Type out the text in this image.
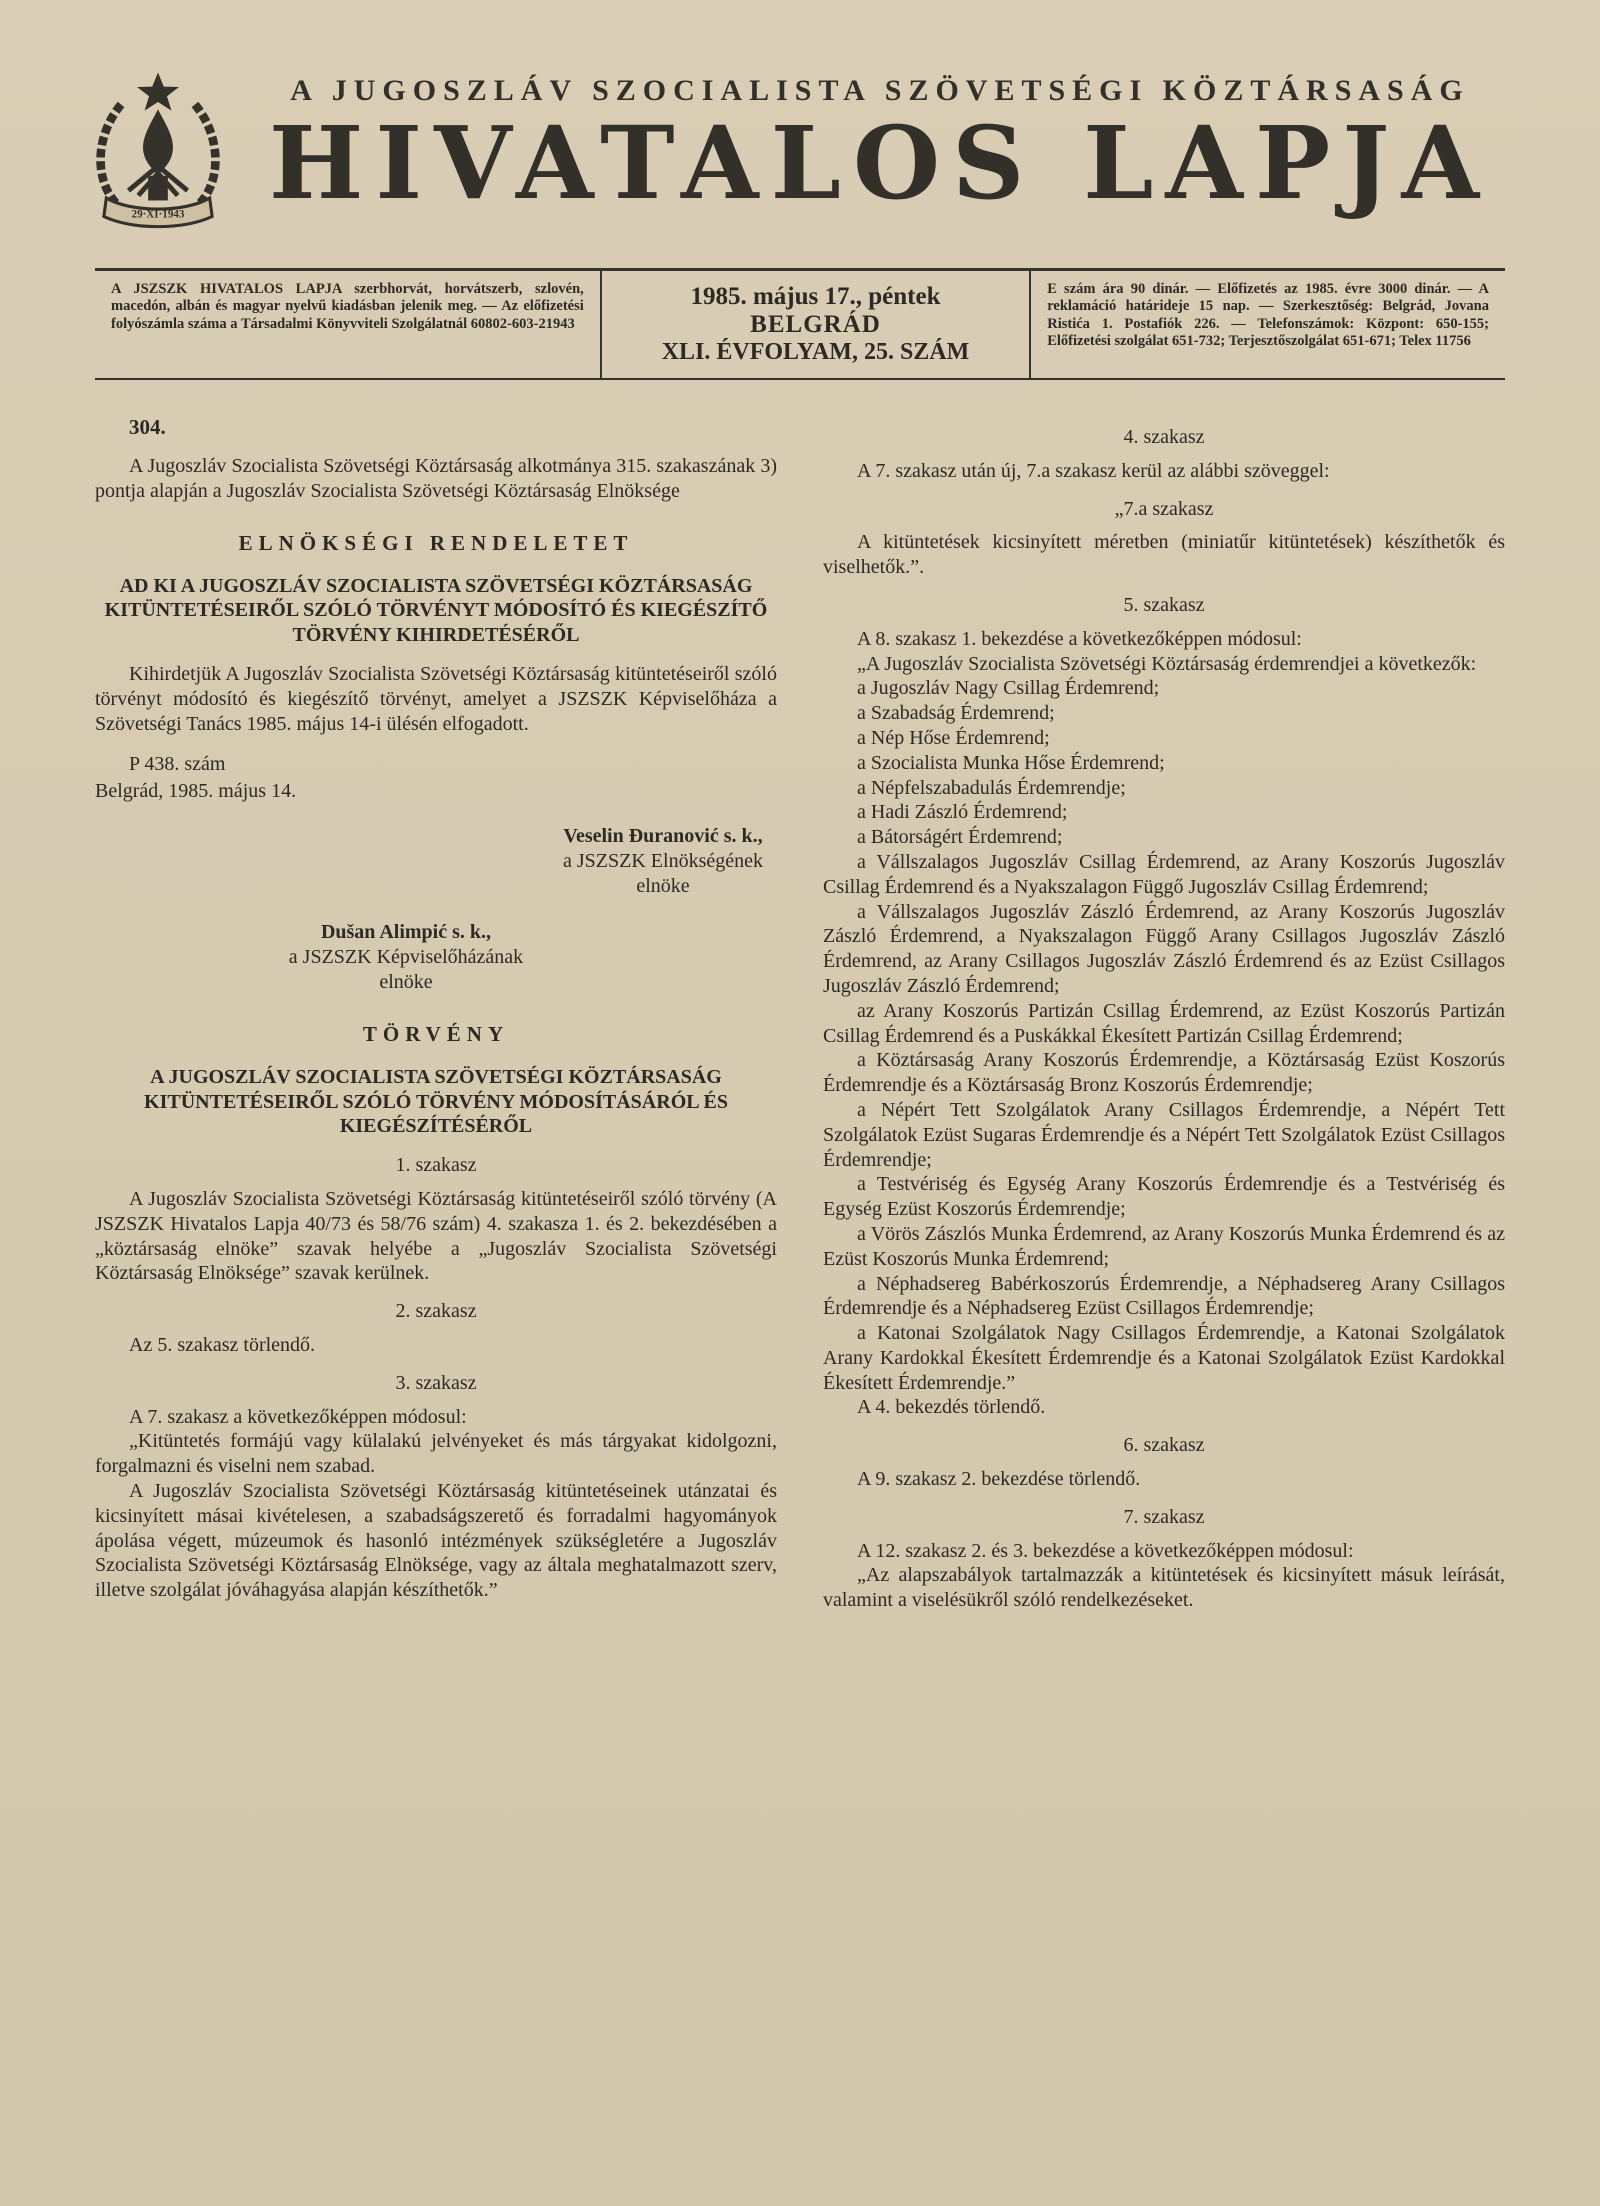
29·XI·1943
A JUGOSZLÁV SZOCIALISTA SZÖVETSÉGI KÖZTÁRSASÁG
HIVATALOS LAPJA

A JSZSZK HIVATALOS LAPJA szerbhorvát, horvátszerb, szlovén, macedón, albán és magyar nyelvű kiadásban jelenik meg. — Az előfizetési folyószámla száma a Társadalmi Könyvviteli Szolgálatnál 60802-603-21943

1985. május 17., péntek
BELGRÁD
XLI. ÉVFOLYAM, 25. SZÁM

E szám ára 90 dinár. — Előfizetés az 1985. évre 3000 dinár. — A reklamáció határideje 15 nap. — Szerkesztőség: Belgrád, Jovana Ristića 1. Postafiók 226. — Telefonszámok: Központ: 650-155; Előfizetési szolgálat 651-732; Terjesztőszolgálat 651-671; Telex 11756

304.
A Jugoszláv Szocialista Szövetségi Köztársaság alkotmánya 315. szakaszának 3) pontja alapján a Jugoszláv Szocialista Szövetségi Köztársaság Elnöksége
ELNÖKSÉGI RENDELETET
AD KI A JUGOSZLÁV SZOCIALISTA SZÖVETSÉGI KÖZTÁRSASÁG KITÜNTETÉSEIRŐL SZÓLÓ TÖRVÉNYT MÓDOSÍTÓ ÉS KIEGÉSZÍTŐ TÖRVÉNY KIHIRDETÉSÉRŐL
Kihirdetjük A Jugoszláv Szocialista Szövetségi Köztársaság kitüntetéseiről szóló törvényt módosító és kiegészítő törvényt, amelyet a JSZSZK Képviselőháza a Szövetségi Tanács 1985. május 14-i ülésén elfogadott.
P 438. szám
Belgrád, 1985. május 14.
Veselin Đuranović s. k.,
a JSZSZK Elnökségének
elnöke
Dušan Alimpić s. k.,
a JSZSZK Képviselőházának
elnöke
TÖRVÉNY
A JUGOSZLÁV SZOCIALISTA SZÖVETSÉGI KÖZTÁRSASÁG KITÜNTETÉSEIRŐL SZÓLÓ TÖRVÉNY MÓDOSÍTÁSÁRÓL ÉS KIEGÉSZÍTÉSÉRŐL
1. szakasz
A Jugoszláv Szocialista Szövetségi Köztársaság kitüntetéseiről szóló törvény (A JSZSZK Hivatalos Lapja 40/73 és 58/76 szám) 4. szakasza 1. és 2. bekezdésében a „köztársaság elnöke” szavak helyébe a „Jugoszláv Szocialista Szövetségi Köztársaság Elnöksége” szavak kerülnek.
2. szakasz
Az 5. szakasz törlendő.
3. szakasz
A 7. szakasz a következőképpen módosul:
„Kitüntetés formájú vagy külalakú jelvényeket és más tárgyakat kidolgozni, forgalmazni és viselni nem szabad.
A Jugoszláv Szocialista Szövetségi Köztársaság kitüntetéseinek utánzatai és kicsinyített másai kivételesen, a szabadságszerető és forradalmi hagyományok ápolása végett, múzeumok és hasonló intézmények szükségletére a Jugoszláv Szocialista Szövetségi Köztársaság Elnöksége, vagy az általa meghatalmazott szerv, illetve szolgálat jóváhagyása alapján készíthetők.”
4. szakasz
A 7. szakasz után új, 7.a szakasz kerül az alábbi szöveggel:
„7.a szakasz
A kitüntetések kicsinyített méretben (miniatűr kitüntetések) készíthetők és viselhetők.”.
5. szakasz
A 8. szakasz 1. bekezdése a következőképpen módosul:
„A Jugoszláv Szocialista Szövetségi Köztársaság érdemrendjei a következők:
a Jugoszláv Nagy Csillag Érdemrend;
a Szabadság Érdemrend;
a Nép Hőse Érdemrend;
a Szocialista Munka Hőse Érdemrend;
a Népfelszabadulás Érdemrendje;
a Hadi Zászló Érdemrend;
a Bátorságért Érdemrend;
a Vállszalagos Jugoszláv Csillag Érdemrend, az Arany Koszorús Jugoszláv Csillag Érdemrend és a Nyakszalagon Függő Jugoszláv Csillag Érdemrend;
a Vállszalagos Jugoszláv Zászló Érdemrend, az Arany Koszorús Jugoszláv Zászló Érdemrend, a Nyakszalagon Függő Arany Csillagos Jugoszláv Zászló Érdemrend, az Arany Csillagos Jugoszláv Zászló Érdemrend és az Ezüst Csillagos Jugoszláv Zászló Érdemrend;
az Arany Koszorús Partizán Csillag Érdemrend, az Ezüst Koszorús Partizán Csillag Érdemrend és a Puskákkal Ékesített Partizán Csillag Érdemrend;
a Köztársaság Arany Koszorús Érdemrendje, a Köztársaság Ezüst Koszorús Érdemrendje és a Köztársaság Bronz Koszorús Érdemrendje;
a Népért Tett Szolgálatok Arany Csillagos Érdemrendje, a Népért Tett Szolgálatok Ezüst Sugaras Érdemrendje és a Népért Tett Szolgálatok Ezüst Csillagos Érdemrendje;
a Testvériség és Egység Arany Koszorús Érdemrendje és a Testvériség és Egység Ezüst Koszorús Érdemrendje;
a Vörös Zászlós Munka Érdemrend, az Arany Koszorús Munka Érdemrend és az Ezüst Koszorús Munka Érdemrend;
a Néphadsereg Babérkoszorús Érdemrendje, a Néphadsereg Arany Csillagos Érdemrendje és a Néphadsereg Ezüst Csillagos Érdemrendje;
a Katonai Szolgálatok Nagy Csillagos Érdemrendje, a Katonai Szolgálatok Arany Kardokkal Ékesített Érdemrendje és a Katonai Szolgálatok Ezüst Kardokkal Ékesített Érdemrendje.”
A 4. bekezdés törlendő.
6. szakasz
A 9. szakasz 2. bekezdése törlendő.
7. szakasz
A 12. szakasz 2. és 3. bekezdése a következőképpen módosul:
„Az alapszabályok tartalmazzák a kitüntetések és kicsinyített másuk leírását, valamint a viselésükről szóló rendelkezéseket.
